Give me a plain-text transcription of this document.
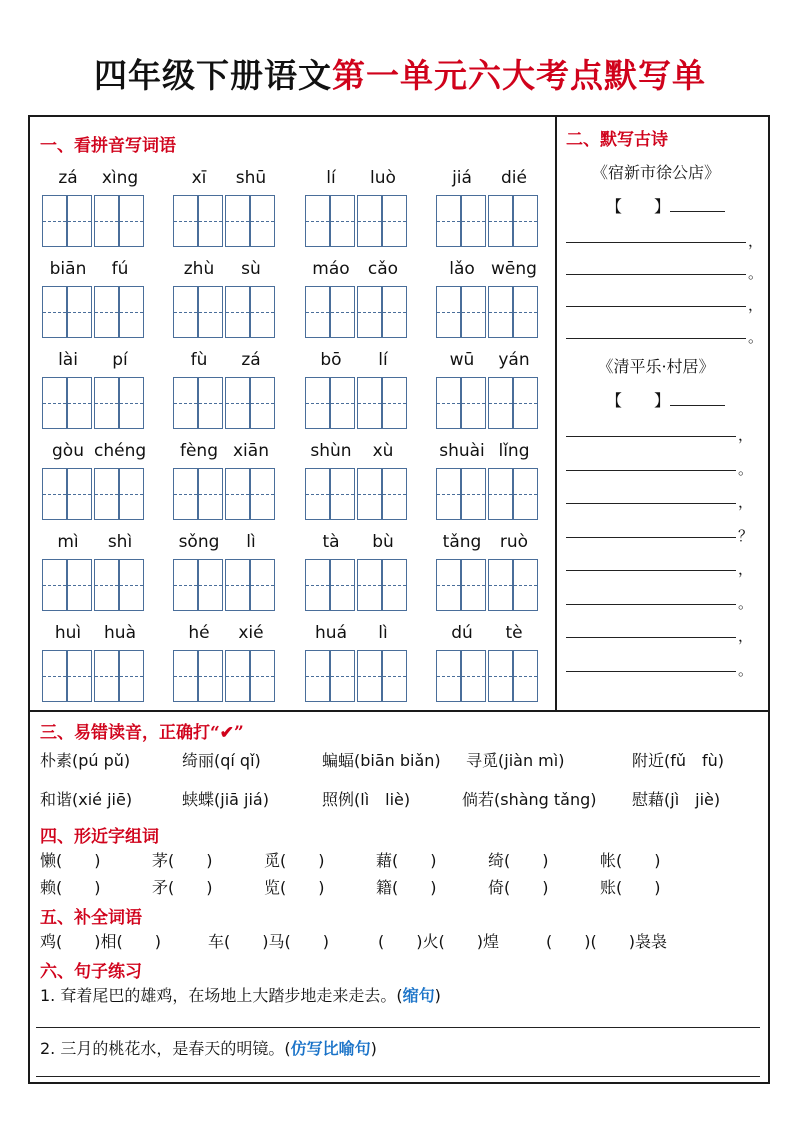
四年级下册语文第一单元六大考点默写单
一、看拼音写词语	二、默写古诗
三、易错读音，正确打“✔”
四、形近字组词
五、补全词语
六、句子练习
zá	xìng	xī	shū	lí	luò	jiá	dié
biān	fú	zhù	sù	máo	cǎo	lǎo wēng
lài	pí	fù	zá	bō	lí	wū	yán
gòu chéng	fèng xiān	shùn	xù	shuài lǐng
mì	shì	sǒng	lì	tà	bù	tǎng	ruò
huì	huà	hé	xié	huá	lì	dú	tè
《宿新市徐公店》
【　　】
，
。
，
。
《清平乐·村居》
【　　】
，
。
，
？
，
。
，
。
朴素(pú pǔ)	绮丽(qí qǐ)	蝙蝠(biān biǎn) 寻觅(jiàn mì)	附近(fǔ　fù)
和谐(xié jiē)	蛱蝶(jiā jiá)	照例(lì　liè)	倘若(shàng tǎng) 慰藉(jì　jiè)
懒(　　)	茅(　　)	觅(　　)	藉(　　)	绮(　　)	帐(　　)
赖(　　)	矛(　　)	览(　　)	籍(　　)	倚(　　)	账(　　)
鸡(　　)相(　　)	车(　　)马(　　)	(　　)火(　　)煌	(　　)(　　)袅袅
1. 耷着尾巴的雄鸡，在场地上大踏步地走来走去。(缩句)
2. 三月的桃花水，是春天的明镜。(仿写比喻句)
